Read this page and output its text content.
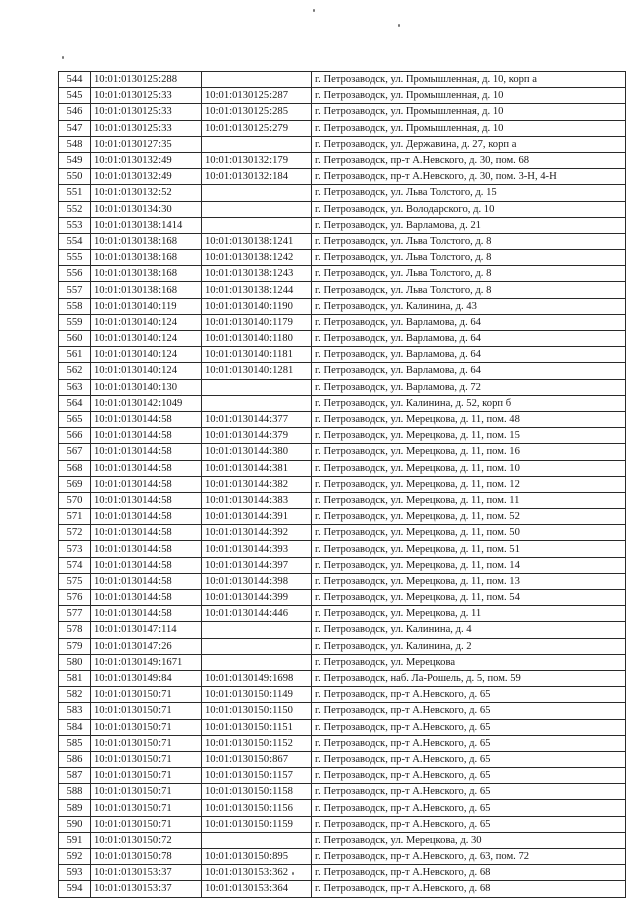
544	10:01:0130125:288		г. Петрозаводск, ул. Промышленная, д. 10, корп а
545	10:01:0130125:33	10:01:0130125:287	г. Петрозаводск, ул. Промышленная, д. 10
546	10:01:0130125:33	10:01:0130125:285	г. Петрозаводск, ул. Промышленная, д. 10
547	10:01:0130125:33	10:01:0130125:279	г. Петрозаводск, ул. Промышленная, д. 10
548	10:01:0130127:35		г. Петрозаводск, ул. Державина, д. 27, корп а
549	10:01:0130132:49	10:01:0130132:179	г. Петрозаводск, пр-т А.Невского, д. 30, пом. 68
550	10:01:0130132:49	10:01:0130132:184	г. Петрозаводск, пр-т А.Невского, д. 30, пом. 3-Н, 4-Н
551	10:01:0130132:52		г. Петрозаводск, ул. Льва Толстого, д. 15
552	10:01:0130134:30		г. Петрозаводск, ул. Володарского, д. 10
553	10:01:0130138:1414		г. Петрозаводск, ул. Варламова, д. 21
554	10:01:0130138:168	10:01:0130138:1241	г. Петрозаводск, ул. Льва Толстого, д. 8
555	10:01:0130138:168	10:01:0130138:1242	г. Петрозаводск, ул. Льва Толстого, д. 8
556	10:01:0130138:168	10:01:0130138:1243	г. Петрозаводск, ул. Льва Толстого, д. 8
557	10:01:0130138:168	10:01:0130138:1244	г. Петрозаводск, ул. Льва Толстого, д. 8
558	10:01:0130140:119	10:01:0130140:1190	г. Петрозаводск, ул. Калинина, д. 43
559	10:01:0130140:124	10:01:0130140:1179	г. Петрозаводск, ул. Варламова, д. 64
560	10:01:0130140:124	10:01:0130140:1180	г. Петрозаводск, ул. Варламова, д. 64
561	10:01:0130140:124	10:01:0130140:1181	г. Петрозаводск, ул. Варламова, д. 64
562	10:01:0130140:124	10:01:0130140:1281	г. Петрозаводск, ул. Варламова, д. 64
563	10:01:0130140:130		г. Петрозаводск, ул. Варламова, д. 72
564	10:01:0130142:1049		г. Петрозаводск, ул. Калинина, д. 52, корп б
565	10:01:0130144:58	10:01:0130144:377	г. Петрозаводск, ул. Мерецкова, д. 11, пом. 48
566	10:01:0130144:58	10:01:0130144:379	г. Петрозаводск, ул. Мерецкова, д. 11, пом. 15
567	10:01:0130144:58	10:01:0130144:380	г. Петрозаводск, ул. Мерецкова, д. 11, пом. 16
568	10:01:0130144:58	10:01:0130144:381	г. Петрозаводск, ул. Мерецкова, д. 11, пом. 10
569	10:01:0130144:58	10:01:0130144:382	г. Петрозаводск, ул. Мерецкова, д. 11, пом. 12
570	10:01:0130144:58	10:01:0130144:383	г. Петрозаводск, ул. Мерецкова, д. 11, пом. 11
571	10:01:0130144:58	10:01:0130144:391	г. Петрозаводск, ул. Мерецкова, д. 11, пом. 52
572	10:01:0130144:58	10:01:0130144:392	г. Петрозаводск, ул. Мерецкова, д. 11, пом. 50
573	10:01:0130144:58	10:01:0130144:393	г. Петрозаводск, ул. Мерецкова, д. 11, пом. 51
574	10:01:0130144:58	10:01:0130144:397	г. Петрозаводск, ул. Мерецкова, д. 11, пом. 14
575	10:01:0130144:58	10:01:0130144:398	г. Петрозаводск, ул. Мерецкова, д. 11, пом. 13
576	10:01:0130144:58	10:01:0130144:399	г. Петрозаводск, ул. Мерецкова, д. 11, пом. 54
577	10:01:0130144:58	10:01:0130144:446	г. Петрозаводск, ул. Мерецкова, д. 11
578	10:01:0130147:114		г. Петрозаводск, ул. Калинина, д. 4
579	10:01:0130147:26		г. Петрозаводск, ул. Калинина, д. 2
580	10:01:0130149:1671		г. Петрозаводск, ул. Мерецкова
581	10:01:0130149:84	10:01:0130149:1698	г. Петрозаводск, наб. Ла-Рошель, д. 5, пом. 59
582	10:01:0130150:71	10:01:0130150:1149	г. Петрозаводск, пр-т А.Невского, д. 65
583	10:01:0130150:71	10:01:0130150:1150	г. Петрозаводск, пр-т А.Невского, д. 65
584	10:01:0130150:71	10:01:0130150:1151	г. Петрозаводск, пр-т А.Невского, д. 65
585	10:01:0130150:71	10:01:0130150:1152	г. Петрозаводск, пр-т А.Невского, д. 65
586	10:01:0130150:71	10:01:0130150:867	г. Петрозаводск, пр-т А.Невского, д. 65
587	10:01:0130150:71	10:01:0130150:1157	г. Петрозаводск, пр-т А.Невского, д. 65
588	10:01:0130150:71	10:01:0130150:1158	г. Петрозаводск, пр-т А.Невского, д. 65
589	10:01:0130150:71	10:01:0130150:1156	г. Петрозаводск, пр-т А.Невского, д. 65
590	10:01:0130150:71	10:01:0130150:1159	г. Петрозаводск, пр-т А.Невского, д. 65
591	10:01:0130150:72		г. Петрозаводск, ул. Мерецкова, д. 30
592	10:01:0130150:78	10:01:0130150:895	г. Петрозаводск, пр-т А.Невского, д. 63, пом. 72
593	10:01:0130153:37	10:01:0130153:362	г. Петрозаводск, пр-т А.Невского, д. 68
594	10:01:0130153:37	10:01:0130153:364	г. Петрозаводск, пр-т А.Невского, д. 68
